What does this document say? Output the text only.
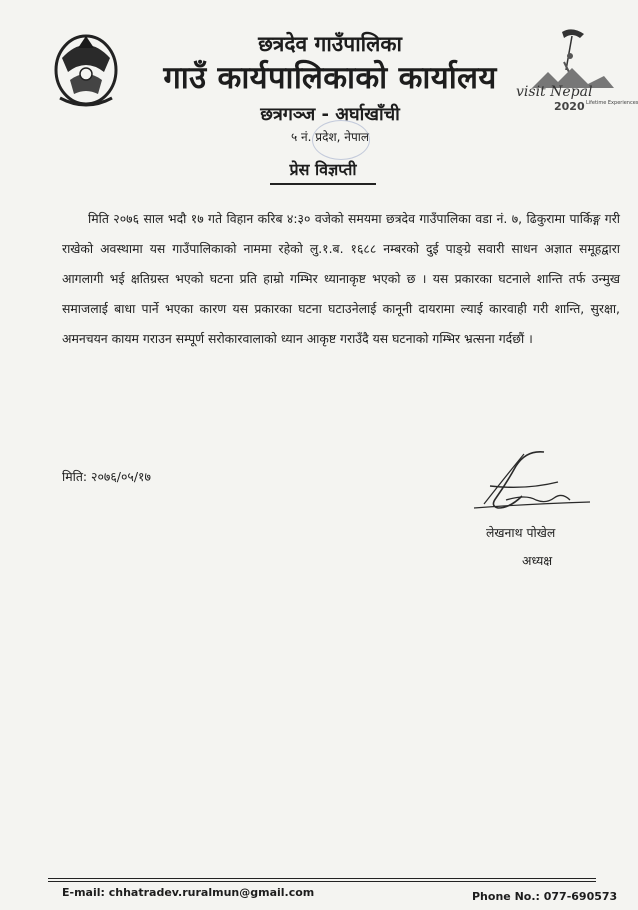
छत्रदेव गाउँपालिका
गाउँ कार्यपालिकाको कार्यालय
छत्रगञ्ज - अर्घाखाँची
५ नं. प्रदेश, नेपाल
visit Nepal
2020 Lifetime Experiences
प्रेस विज्ञप्ती
मिति २०७६ साल भदौ १७ गते विहान करिब ४:३० वजेको समयमा छत्रदेव गाउँपालिका वडा नं. ७, ढिकुरामा पार्किङ्ग गरी राखेको अवस्थामा यस गाउँपालिकाको नाममा रहेको लु.१.ब. १६८८ नम्बरको दुई पाङ्ग्रे सवारी साधन अज्ञात समूहद्वारा आगलागी भई क्षतिग्रस्त भएको घटना प्रति हाम्रो गम्भिर ध्यानाकृष्ट भएको छ । यस प्रकारका घटनाले शान्ति तर्फ उन्मुख समाजलाई बाधा पार्ने भएका कारण यस प्रकारका घटना घटाउनेलाई कानूनी दायरामा ल्याई कारवाही गरी शान्ति, सुरक्षा, अमनचयन कायम गराउन सम्पूर्ण सरोकारवालाको ध्यान आकृष्ट गराउँदै यस घटनाको गम्भिर भ्रत्सना गर्दछौं ।
मिति: २०७६/०५/१७
लेखनाथ पोखेल
अध्यक्ष
E-mail: chhatradev.ruralmun@gmail.com	Phone No.: 077-690573
